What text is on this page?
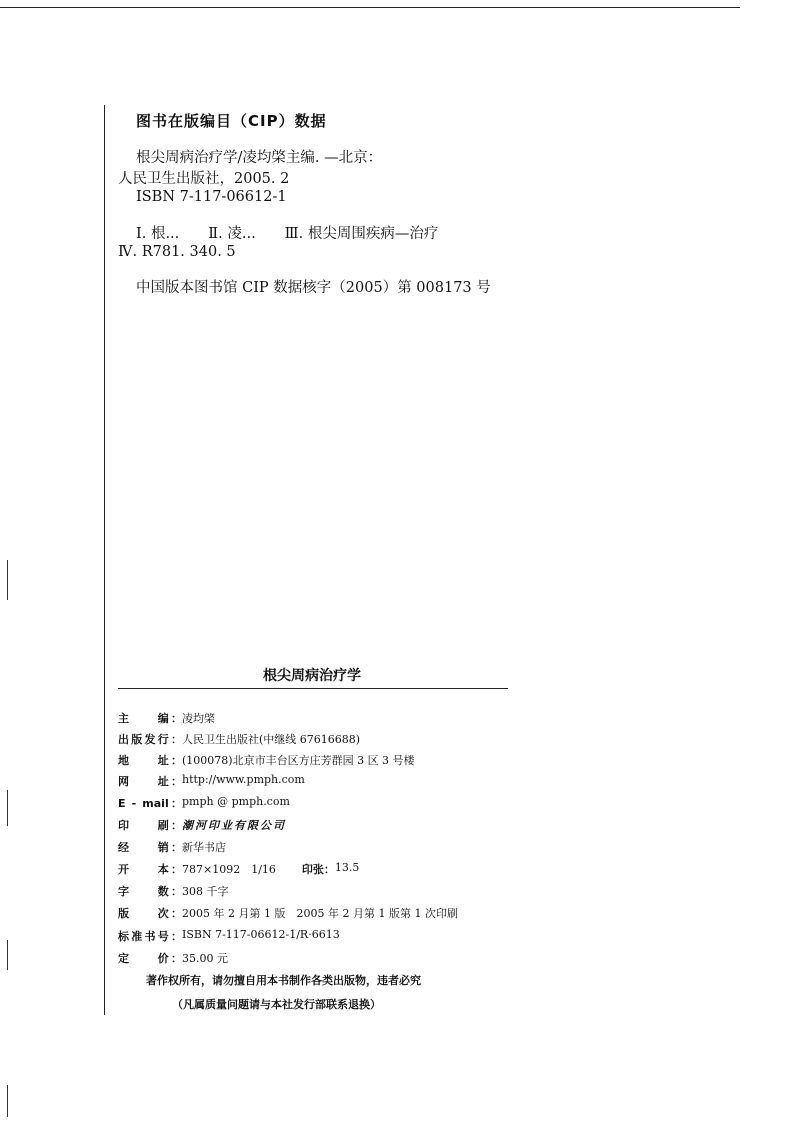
图书在版编目（CIP）数据
根尖周病治疗学/凌均棨主编. —北京：
人民卫生出版社，2005. 2
ISBN 7-117-06612-1
Ⅰ. 根...　　Ⅱ. 凌...　　Ⅲ. 根尖周围疾病—治疗
Ⅳ. R781. 340. 5
中国版本图书馆 CIP 数据核字（2005）第 008173 号
根尖周病治疗学
主　　编： 凌均棨
出版发行： 人民卫生出版社(中继线 67616688)
地　　址： (100078)北京市丰台区方庄芳群园 3 区 3 号楼
网　　址： http://www.pmph.com
E - mail： pmph @ pmph.com
印　　刷： 潮河印业有限公司
经　　销： 新华书店
开　　本： 787×1092　1/16 印张： 13.5
字　　数： 308 千字
版　　次： 2005 年 2 月第 1 版　2005 年 2 月第 1 版第 1 次印刷
标准书号： ISBN 7-117-06612-1/R·6613
定　　价： 35.00 元
著作权所有，请勿擅自用本书制作各类出版物，违者必究
（凡属质量问题请与本社发行部联系退换）
